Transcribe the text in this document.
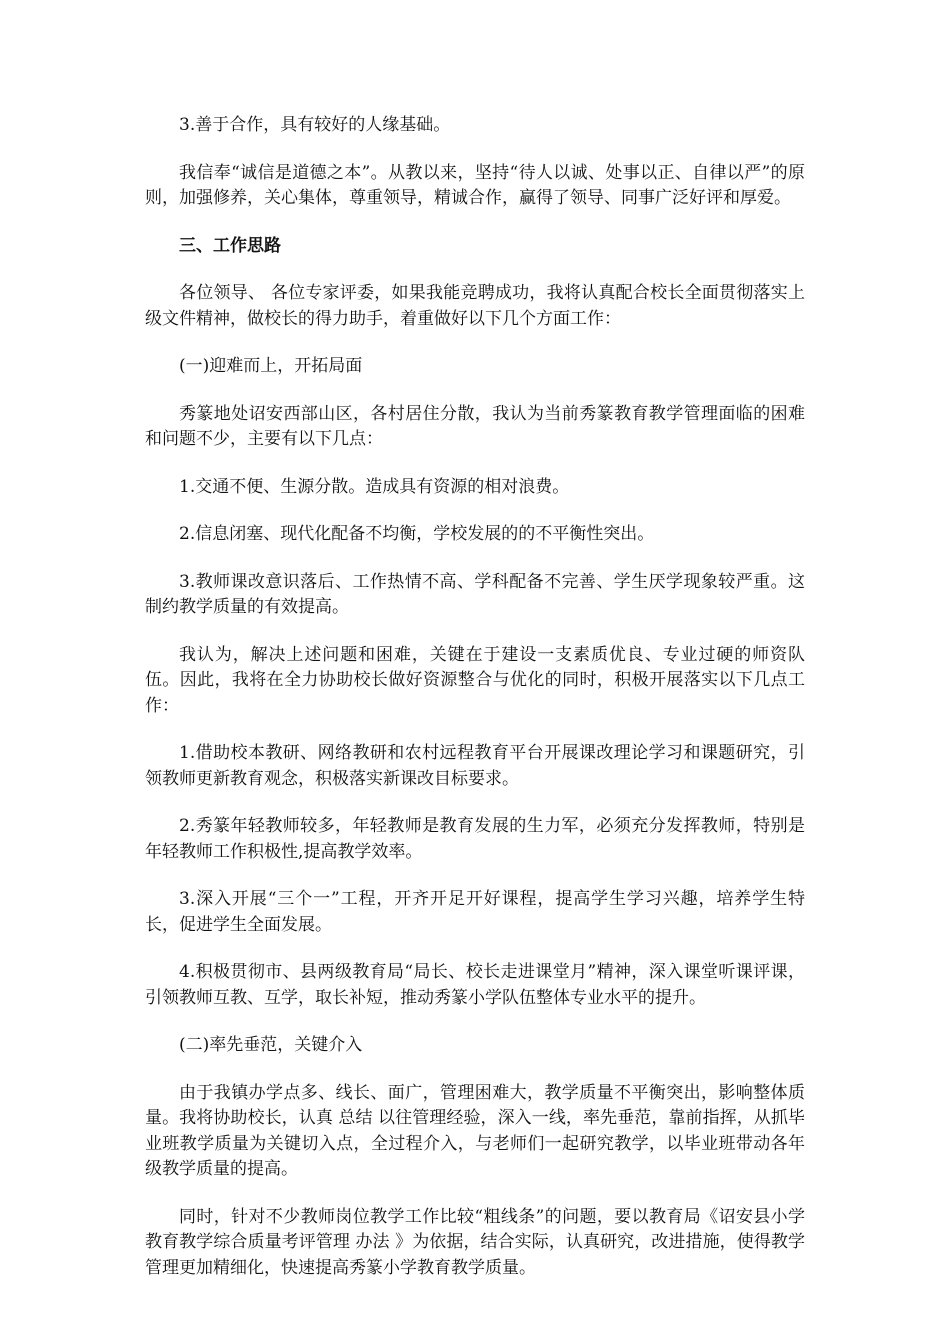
3.善于合作，具有较好的人缘基础。

我信奉“诚信是道德之本”。从教以来，坚持“待人以诚、处事以正、自律以严”的原则，加强修养，关心集体，尊重领导，精诚合作，赢得了领导、同事广泛好评和厚爱。

三、工作思路

各位领导、 各位专家评委，如果我能竞聘成功，我将认真配合校长全面贯彻落实上级文件精神，做校长的得力助手，着重做好以下几个方面工作：

(一)迎难而上，开拓局面

秀篆地处诏安西部山区，各村居住分散，我认为当前秀篆教育教学管理面临的困难和问题不少，主要有以下几点：

1.交通不便、生源分散。造成具有资源的相对浪费。

2.信息闭塞、现代化配备不均衡，学校发展的的不平衡性突出。

3.教师课改意识落后、工作热情不高、学科配备不完善、学生厌学现象较严重。这制约教学质量的有效提高。

我认为，解决上述问题和困难，关键在于建设一支素质优良、专业过硬的师资队伍。因此，我将在全力协助校长做好资源整合与优化的同时，积极开展落实以下几点工作：

1.借助校本教研、网络教研和农村远程教育平台开展课改理论学习和课题研究，引领教师更新教育观念，积极落实新课改目标要求。

2.秀篆年轻教师较多，年轻教师是教育发展的生力军，必须充分发挥教师，特别是年轻教师工作积极性,提高教学效率。

3.深入开展“三个一”工程，开齐开足开好课程，提高学生学习兴趣，培养学生特长，促进学生全面发展。

4.积极贯彻市、县两级教育局“局长、校长走进课堂月”精神，深入课堂听课评课，引领教师互教、互学，取长补短，推动秀篆小学队伍整体专业水平的提升。

(二)率先垂范，关键介入

由于我镇办学点多、线长、面广，管理困难大，教学质量不平衡突出，影响整体质量。我将协助校长，认真 总结 以往管理经验，深入一线，率先垂范，靠前指挥，从抓毕业班教学质量为关键切入点，全过程介入，与老师们一起研究教学，以毕业班带动各年级教学质量的提高。

同时，针对不少教师岗位教学工作比较“粗线条”的问题，要以教育局《诏安县小学教育教学综合质量考评管理 办法 》为依据，结合实际，认真研究，改进措施，使得教学管理更加精细化，快速提高秀篆小学教育教学质量。
